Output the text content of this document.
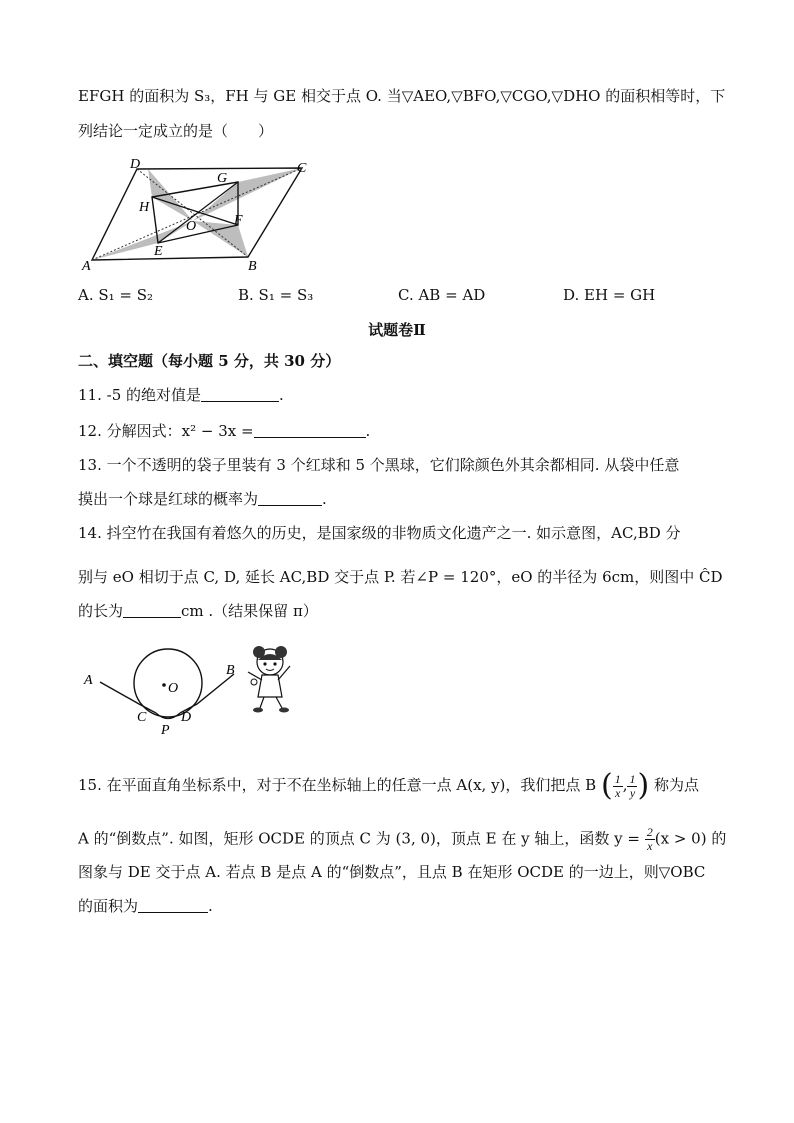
EFGH 的面积为 S₃，FH 与 GE 相交于点 O. 当▽AEO,▽BFO,▽CGO,▽DHO 的面积相等时，下
列结论一定成立的是（　　）
D
G
C
H
O	F
A
E
B
A. S₁ = S₂	B. S₁ = S₃	C. AB = AD	D. EH = GH
试题卷Ⅱ
二、填空题（每小题 5 分，共 30 分）
11. -5 的绝对值是	.
12. 分解因式：x² − 3x =	.
13. 一个不透明的袋子里装有 3 个红球和 5 个黑球，它们除颜色外其余都相同. 从袋中任意
摸出一个球是红球的概率为	.
14. 抖空竹在我国有着悠久的历史，是国家级的非物质文化遗产之一. 如示意图，AC,BD 分
别与 eO 相切于点 C, D, 延长 AC,BD 交于点 P. 若∠P = 120°，eO 的半径为 6cm，则图中 ĈD
的长为	cm .（结果保留 π）
A
B
O
C
P
D
15. 在平面直角坐标系中，对于不在坐标轴上的任意一点 A(x, y)，我们把点 B ( $\frac{1}{x}$ , $\frac{1}{y}$ ) 称为点
A 的“倒数点”. 如图，矩形 OCDE 的顶点 C 为 (3, 0)，顶点 E 在 y 轴上，函数 $y = \frac{2}{x} (x > 0)$ 的
图象与 DE 交于点 A. 若点 B 是点 A 的“倒数点”，且点 B 在矩形 OCDE 的一边上，则▽OBC
的面积为	.
